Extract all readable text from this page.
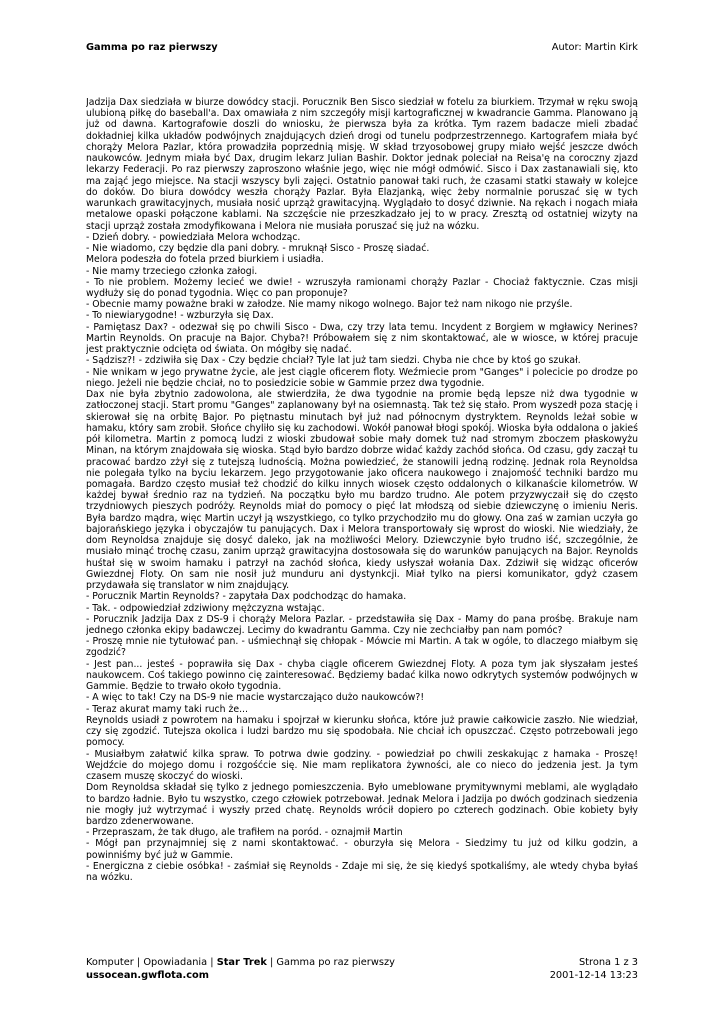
Gamma po raz pierwszy	Autor: Martin Kirk

Jadzija Dax siedziała w biurze dowódcy stacji. Porucznik Ben Sisco siedział w fotelu za biurkiem. Trzymał w ręku swoją ulubioną piłkę do baseball'a. Dax omawiała z nim szczegóły misji kartograficznej w kwadrancie Gamma. Planowano ją już od dawna. Kartografowie doszli do wniosku, że pierwsza była za krótka. Tym razem badacze mieli zbadać dokładniej kilka układów podwójnych znajdujących dzień drogi od tunelu podprzestrzennego. Kartografem miała być chorąży Melora Pazlar, która prowadziła poprzednią misję. W skład trzyosobowej grupy miało wejść jeszcze dwóch naukowców. Jednym miała być Dax, drugim lekarz Julian Bashir. Doktor jednak poleciał na Reisa'ę na coroczny zjazd lekarzy Federacji. Po raz pierwszy zaproszono właśnie jego, więc nie mógł odmówić. Sisco i Dax zastanawiali się, kto ma zająć jego miejsce. Na stacji wszyscy byli zajęci. Ostatnio panował taki ruch, że czasami statki stawały w kolejce do doków. Do biura dowódcy weszła chorąży Pazlar. Była Elazjanką, więc żeby normalnie poruszać się w tych warunkach grawitacyjnych, musiała nosić uprząż grawitacyjną. Wyglądało to dosyć dziwnie. Na rękach i nogach miała metalowe opaski połączone kablami. Na szczęście nie przeszkadzało jej to w pracy. Zresztą od ostatniej wizyty na stacji uprząż została zmodyfikowana i Melora nie musiała poruszać się już na wózku.

- Dzień dobry. - powiedziała Melora wchodząc.

- Nie wiadomo, czy będzie dla pani dobry. - mruknął Sisco - Proszę siadać.

Melora podeszła do fotela przed biurkiem i usiadła.

- Nie mamy trzeciego członka załogi.

- To nie problem. Możemy lecieć we dwie! - wzruszyła ramionami chorąży Pazlar - Chociaż faktycznie. Czas misji wydłuży się do ponad tygodnia. Więc co pan proponuje?

- Obecnie mamy poważne braki w załodze. Nie mamy nikogo wolnego. Bajor też nam nikogo nie przyśle.

- To niewiarygodne! - wzburzyła się Dax.

- Pamiętasz Dax? - odezwał się po chwili Sisco - Dwa, czy trzy lata temu. Incydent z Borgiem w mgławicy Nerines? Martin Reynolds. On pracuje na Bajor. Chyba?! Próbowałem się z nim skontaktować, ale w wiosce, w której pracuje jest praktycznie odcięta od świata. On mógłby się nadać.

- Sądzisz?! - zdziwiła się Dax - Czy będzie chciał? Tyle lat już tam siedzi. Chyba nie chce by ktoś go szukał.

- Nie wnikam w jego prywatne życie, ale jest ciągle oficerem floty. Weźmiecie prom "Ganges" i polecicie po drodze po niego. Jeżeli nie będzie chciał, no to posiedzicie sobie w Gammie przez dwa tygodnie.

Dax nie była zbytnio zadowolona, ale stwierdziła, że dwa tygodnie na promie będą lepsze niż dwa tygodnie w zatłoczonej stacji. Start promu "Ganges" zaplanowany był na osiemnastą. Tak też się stało. Prom wyszedł poza stację i skierował się na orbitę Bajor. Po piętnastu minutach był już nad północnym dystryktem. Reynolds leżał sobie w hamaku, który sam zrobił. Słońce chyliło się ku zachodowi. Wokół panował błogi spokój. Wioska była oddalona o jakieś pół kilometra. Martin z pomocą ludzi z wioski zbudował sobie mały domek tuż nad stromym zboczem płaskowyżu Minan, na którym znajdowała się wioska. Stąd było bardzo dobrze widać każdy zachód słońca. Od czasu, gdy zaczął tu pracować bardzo zżył się z tutejszą ludnością. Można powiedzieć, że stanowili jedną rodzinę. Jednak rola Reynoldsa nie polegała tylko na byciu lekarzem. Jego przygotowanie jako oficera naukowego i znajomość techniki bardzo mu pomagała. Bardzo często musiał też chodzić do kilku innych wiosek często oddalonych o kilkanaście kilometrów. W każdej bywał średnio raz na tydzień. Na początku było mu bardzo trudno. Ale potem przyzwyczaił się do często trzydniowych pieszych podróży. Reynolds miał do pomocy o pięć lat młodszą od siebie dziewczynę o imieniu Neris. Była bardzo mądra, więc Martin uczył ją wszystkiego, co tylko przychodziło mu do głowy. Ona zaś w zamian uczyła go bajorańskiego języka i obyczajów tu panujących. Dax i Melora transportowały się wprost do wioski. Nie wiedziały, że dom Reynoldsa znajduje się dosyć daleko, jak na możliwości Melory. Dziewczynie było trudno iść, szczególnie, że musiało minąć trochę czasu, zanim uprząż grawitacyjna dostosowała się do warunków panujących na Bajor. Reynolds huśtał się w swoim hamaku i patrzył na zachód słońca, kiedy usłyszał wołania Dax. Zdziwił się widząc oficerów Gwiezdnej Floty. On sam nie nosił już munduru ani dystynkcji. Miał tylko na piersi komunikator, gdyż czasem przydawała się translator w nim znajdujący.

- Porucznik Martin Reynolds? - zapytała Dax podchodząc do hamaka.

- Tak. - odpowiedział zdziwiony mężczyzna wstając.

- Porucznik Jadzija Dax z DS-9 i chorąży Melora Pazlar. - przedstawiła się Dax - Mamy do pana prośbę. Brakuje nam jednego członka ekipy badawczej. Lecimy do kwadrantu Gamma. Czy nie zechciałby pan nam pomóc?

- Proszę mnie nie tytułować pan. - uśmiechnął się chłopak - Mówcie mi Martin. A tak w ogóle, to dlaczego miałbym się zgodzić?

- Jest pan... jesteś - poprawiła się Dax - chyba ciągle oficerem Gwiezdnej Floty. A poza tym jak słyszałam jesteś naukowcem. Coś takiego powinno cię zainteresować. Będziemy badać kilka nowo odkrytych systemów podwójnych w Gammie. Będzie to trwało około tygodnia.

- A więc to tak! Czy na DS-9 nie macie wystarczająco dużo naukowców?!

- Teraz akurat mamy taki ruch że...

Reynolds usiadł z powrotem na hamaku i spojrzał w kierunku słońca, które już prawie całkowicie zaszło. Nie wiedział, czy się zgodzić. Tutejsza okolica i ludzi bardzo mu się spodobała. Nie chciał ich opuszczać. Często potrzebowali jego pomocy.

- Musiałbym załatwić kilka spraw. To potrwa dwie godziny. - powiedział po chwili zeskakując z hamaka - Proszę! Wejdźcie do mojego domu i rozgośćcie się. Nie mam replikatora żywności, ale co nieco do jedzenia jest. Ja tym czasem muszę skoczyć do wioski.

Dom Reynoldsa składał się tylko z jednego pomieszczenia. Było umeblowane prymitywnymi meblami, ale wyglądało to bardzo ładnie. Było tu wszystko, czego człowiek potrzebował. Jednak Melora i Jadzija po dwóch godzinach siedzenia nie mogły już wytrzymać i wyszły przed chatę. Reynolds wrócił dopiero po czterech godzinach. Obie kobiety były bardzo zdenerwowane.

- Przepraszam, że tak długo, ale trafiłem na poród. - oznajmił Martin

- Mógł pan przynajmniej się z nami skontaktować. - oburzyła się Melora - Siedzimy tu już od kilku godzin, a powinniśmy być już w Gammie.

- Energiczna z ciebie osóbka! - zaśmiał się Reynolds - Zdaje mi się, że się kiedyś spotkaliśmy, ale wtedy chyba byłaś na wózku.

Komputer | Opowiadania | Star Trek | Gamma po raz pierwszy
ussocean.gwflota.com
Strona 1 z 3
2001-12-14 13:23
